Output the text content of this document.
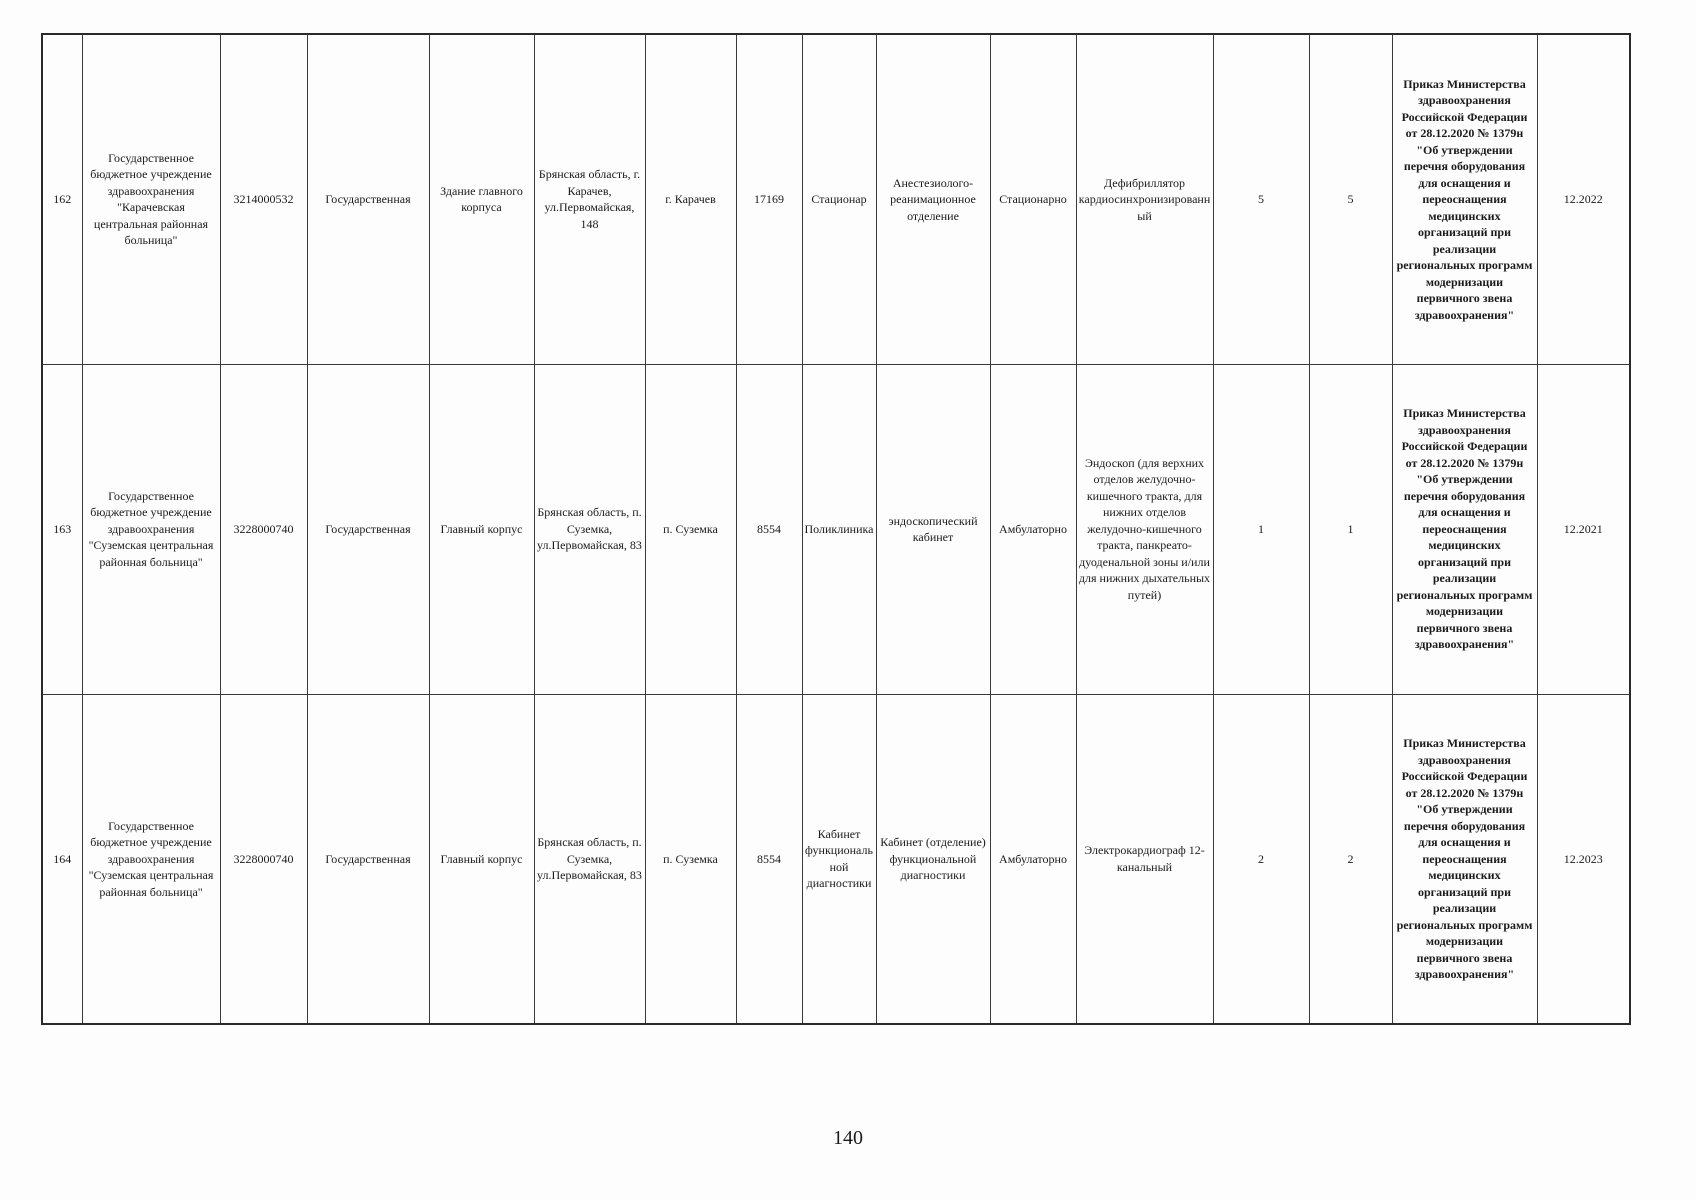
162	Государственное бюджетное учреждение здравоохранения "Карачевская центральная районная больница"	3214000532	Государственная	Здание главного корпуса	Брянская область, г. Карачев, ул.Первомайская, 148	г. Карачев	17169	Стационар	Анестезиолого-реанимационное отделение	Стационарно	Дефибриллятор кардиосинхронизированный	5	5	Приказ Министерства здравоохранения Российской Федерации от 28.12.2020 № 1379н "Об утверждении перечня оборудования для оснащения и переоснащения медицинских организаций при реализации региональных программ модернизации первичного звена здравоохранения"	12.2022
163	Государственное бюджетное учреждение здравоохранения "Суземская центральная районная больница"	3228000740	Государственная	Главный корпус	Брянская область, п. Суземка, ул.Первомайская, 83	п. Суземка	8554	Поликлиника	эндоскопический кабинет	Амбулаторно	Эндоскоп (для верхних отделов желудочно-кишечного тракта, для нижних отделов желудочно-кишечного тракта, панкреато-дуоденальной зоны и/или для нижних дыхательных путей)	1	1	Приказ Министерства здравоохранения Российской Федерации от 28.12.2020 № 1379н "Об утверждении перечня оборудования для оснащения и переоснащения медицинских организаций при реализации региональных программ модернизации первичного звена здравоохранения"	12.2021
164	Государственное бюджетное учреждение здравоохранения "Суземская центральная районная больница"	3228000740	Государственная	Главный корпус	Брянская область, п. Суземка, ул.Первомайская, 83	п. Суземка	8554	Кабинет функциональной диагностики	Кабинет (отделение) функциональной диагностики	Амбулаторно	Электрокардиограф 12-канальный	2	2	Приказ Министерства здравоохранения Российской Федерации от 28.12.2020 № 1379н "Об утверждении перечня оборудования для оснащения и переоснащения медицинских организаций при реализации региональных программ модернизации первичного звена здравоохранения"	12.2023
140
